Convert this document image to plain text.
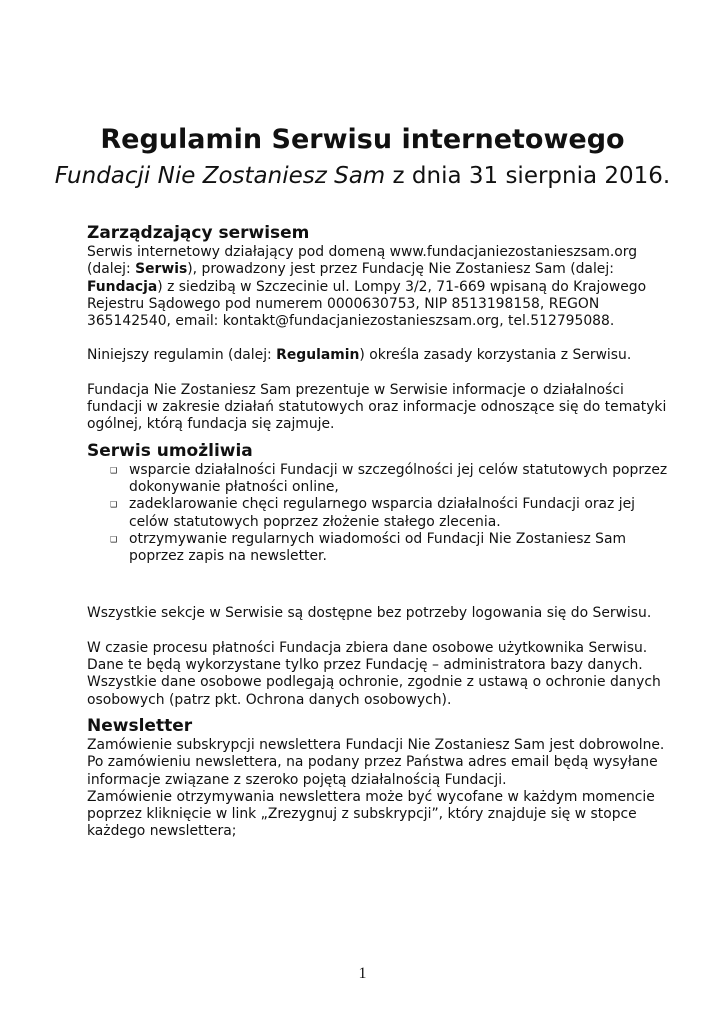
Regulamin Serwisu internetowego
Fundacji Nie Zostaniesz Sam z dnia 31 sierpnia 2016.
Zarządzający serwisem

Serwis internetowy działający pod domeną www.fundacjaniezostanieszsam.org (dalej: Serwis), prowadzony jest przez Fundację Nie Zostaniesz Sam (dalej: Fundacja) z siedzibą w Szczecinie ul. Lompy 3/2, 71-669 wpisaną do Krajowego Rejestru Sądowego pod numerem 0000630753, NIP 8513198158, REGON 365142540, email: kontakt@fundacjaniezostanieszsam.org, tel.512795088.

Niniejszy regulamin (dalej: Regulamin) określa zasady korzystania z Serwisu.

Fundacja Nie Zostaniesz Sam prezentuje w Serwisie informacje o działalności fundacji w zakresie działań statutowych oraz informacje odnoszące się do tematyki ogólnej, którą fundacja się zajmuje.

Serwis umożliwia
❑ wsparcie działalności Fundacji w szczególności jej celów statutowych poprzez dokonywanie płatności online,
❑ zadeklarowanie chęci regularnego wsparcia działalności Fundacji oraz jej celów statutowych poprzez złożenie stałego zlecenia.
❑ otrzymywanie regularnych wiadomości od Fundacji Nie Zostaniesz Sam poprzez zapis na newsletter.

Wszystkie sekcje w Serwisie są dostępne bez potrzeby logowania się do Serwisu.

W czasie procesu płatności Fundacja zbiera dane osobowe użytkownika Serwisu. Dane te będą wykorzystane tylko przez Fundację – administratora bazy danych. Wszystkie dane osobowe podlegają ochronie, zgodnie z ustawą o ochronie danych osobowych (patrz pkt. Ochrona danych osobowych).

Newsletter

Zamówienie subskrypcji newslettera Fundacji Nie Zostaniesz Sam jest dobrowolne. Po zamówieniu newslettera, na podany przez Państwa adres email będą wysyłane informacje związane z szeroko pojętą działalnością Fundacji.

Zamówienie otrzymywania newslettera może być wycofane w każdym momencie poprzez kliknięcie w link „Zrezygnuj z subskrypcji”, który znajduje się w stopce każdego newslettera;

1
